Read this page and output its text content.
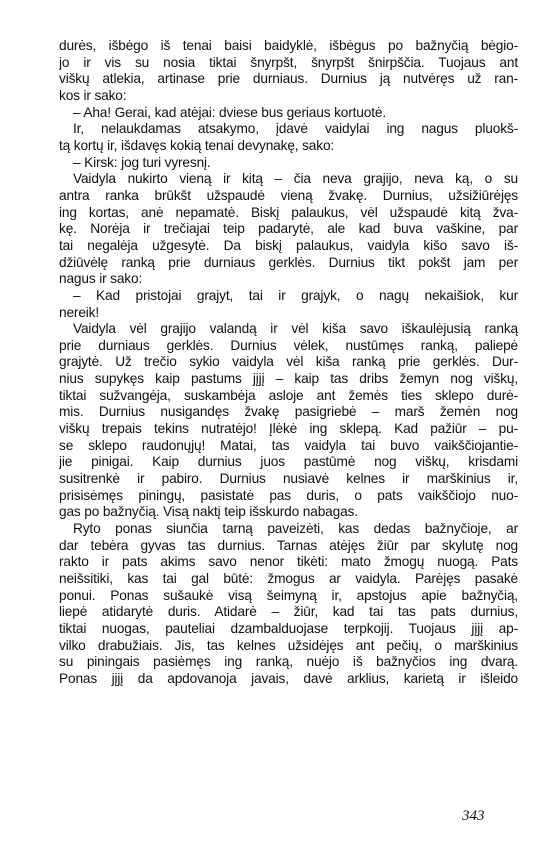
durės, išbėgo iš tenai baisi baidyklė, išbėgus po bažnyčią bėgio-

jo ir vis su nosia tiktai šnyrpšt, šnyrpšt šnirpščia. Tuojaus ant

viškų atlekia, artinase prie durniaus. Durnius ją nutvėręs už ran-

kos ir sako:

– Aha! Gerai, kad atėjai: dviese bus geriaus kortuotė.

Ir, nelaukdamas atsakymo, įdavė vaidylai ing nagus pluokš-

tą kortų ir, išdavęs kokią tenai devynakę, sako:

– Kirsk: jog turi vyresnį.

Vaidyla nukirto vieną ir kitą – čia neva grajijo, neva ką, o su

antra ranka brūkšt užspaudė vieną žvakę. Durnius, užsižiūrėjęs

ing kortas, anė nepamatė. Biskį palaukus, vėl užspaudė kitą žva-

kę. Norėja ir trečiajai teip padarytė, ale kad buva vaškine, par

tai negalėja užgesytė. Da biskį palaukus, vaidyla kišo savo iš-

džiūvėlę ranką prie durniaus gerklės. Durnius tikt pokšt jam per

nagus ir sako:

– Kad pristojai grajyt, tai ir grajyk, o nagų nekaišiok, kur

nereik!

Vaidyla vėl grajijo valandą ir vėl kiša savo iškaulėjusią ranką

prie durniaus gerklės. Durnius vėlek, nustūmęs ranką, paliepė

grajytė. Už trečio sykio vaidyla vėl kiša ranką prie gerklės. Dur-

nius supykęs kaip pastums jįjį – kaip tas dribs žemyn nog viškų,

tiktai sužvangėja, suskambėja asloje ant žemės ties sklepo durė-

mis. Durnius nusigandęs žvakę pasigriebė – marš žemėn nog

viškų trepais tekins nutratėjo! Įlėkė ing sklepą. Kad pažiūr – pu-

se sklepo raudonųjų! Matai, tas vaidyla tai buvo vaikščiojantie-

jie pinigai. Kaip durnius juos pastūmė nog viškų, krisdami

susitrenkė ir pabiro. Durnius nusiavė kelnes ir marškinius ir,

prisisėmęs piningų, pasistatė pas duris, o pats vaikščiojo nuo-

gas po bažnyčią. Visą naktį teip išskurdo nabagas.

Ryto ponas siunčia tarną paveizėti, kas dedas bažnyčioje, ar

dar tebėra gyvas tas durnius. Tarnas atėjęs žiūr par skylutę nog

rakto ir pats akims savo nenor tikėti: mato žmogų nuogą. Pats

neišsitiki, kas tai gal būtė: žmogus ar vaidyla. Parėjęs pasakė

ponui. Ponas sušaukė visą šeimyną ir, apstojus apie bažnyčią,

liepė atidarytė duris. Atidarė – žiūr, kad tai tas pats durnius,

tiktai nuogas, pauteliai dzambalduojase terpkojij. Tuojaus jįjį ap-

vilko drabužiais. Jis, tas kelnes užsidėjęs ant pečių, o marškinius

su piningais pasiėmęs ing ranką, nuėjo iš bažnyčios ing dvarą.

Ponas jįjį da apdovanoja javais, davė arklius, karietą ir išleido

343
